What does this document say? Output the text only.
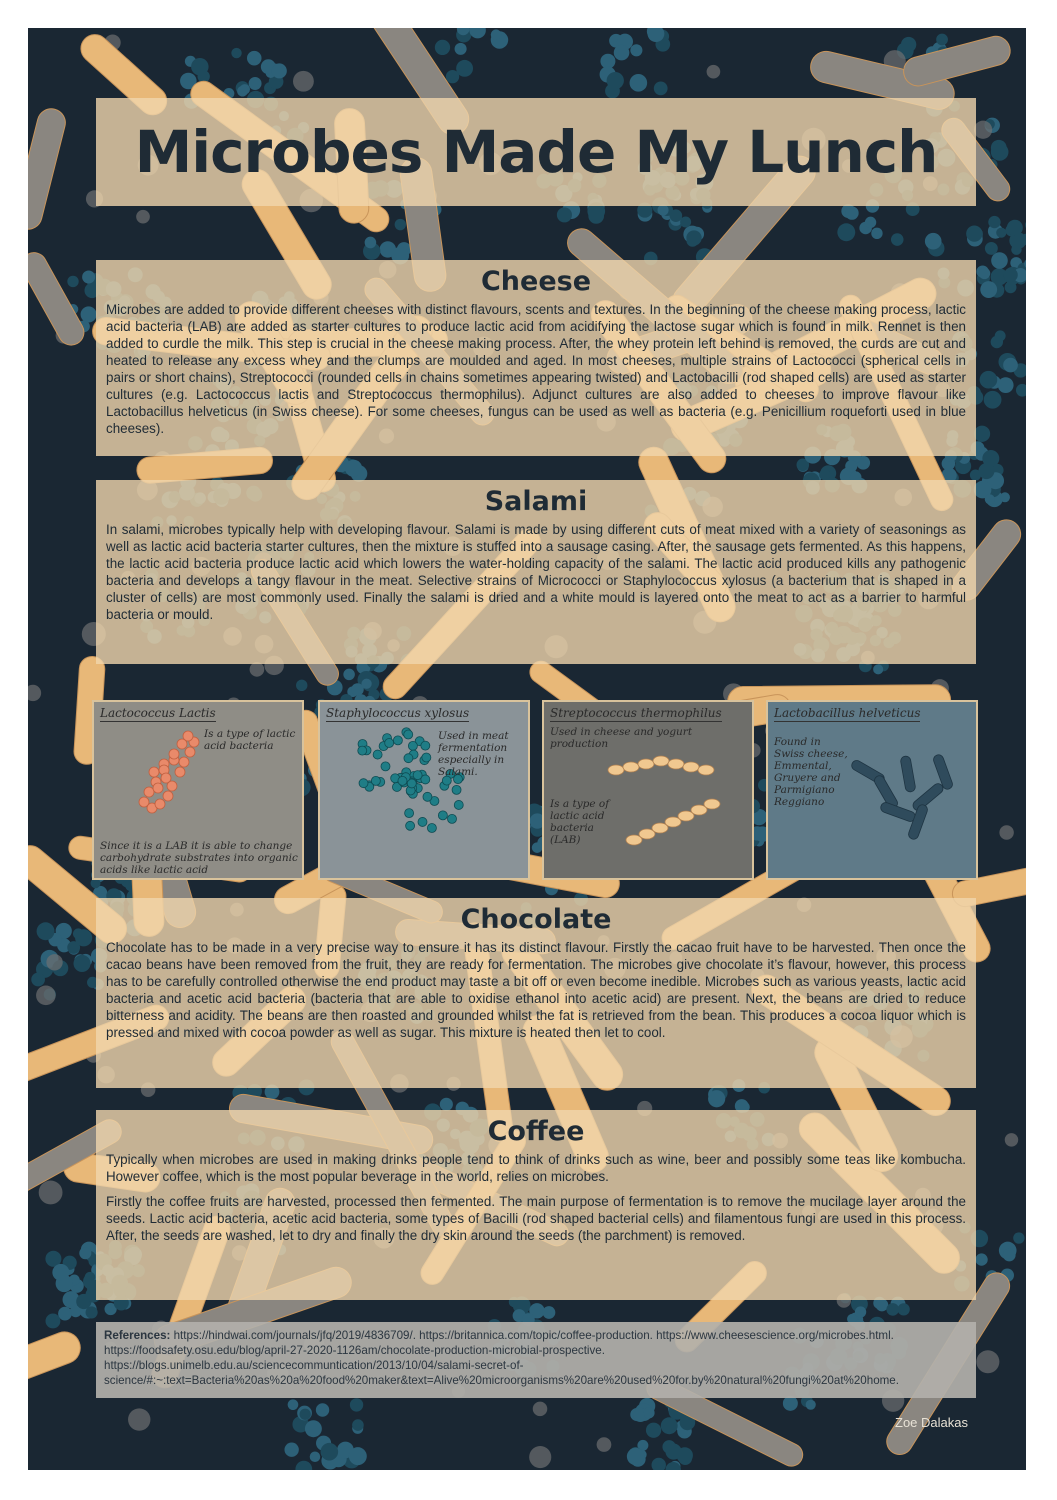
Microbes Made My Lunch
Cheese

Microbes are added to provide different cheeses with distinct flavours, scents and textures. In the beginning of the cheese making process, lactic acid bacteria (LAB) are added as starter cultures to produce lactic acid from acidifying the lactose sugar which is found in milk. Rennet is then added to curdle the milk. This step is crucial in the cheese making process. After, the whey protein left behind is removed, the curds are cut and heated to release any excess whey and the clumps are moulded and aged. In most cheeses, multiple strains of Lactococci (spherical cells in pairs or short chains), Streptococci (rounded cells in chains sometimes appearing twisted) and Lactobacilli (rod shaped cells) are used as starter cultures (e.g. Lactococcus lactis and Streptococcus thermophilus). Adjunct cultures are also added to cheeses to improve flavour like Lactobacillus helveticus (in Swiss cheese). For some cheeses, fungus can be used as well as bacteria (e.g. Penicillium roqueforti used in blue cheeses).

Salami

In salami, microbes typically help with developing flavour. Salami is made by using different cuts of meat mixed with a variety of seasonings as well as lactic acid bacteria starter cultures, then the mixture is stuffed into a sausage casing. After, the sausage gets fermented. As this happens, the lactic acid bacteria produce lactic acid which lowers the water-holding capacity of the salami. The lactic acid produced kills any pathogenic bacteria and develops a tangy flavour in the meat. Selective strains of Micrococci or Staphylococcus xylosus (a bacterium that is shaped in a cluster of cells) are most commonly used. Finally the salami is dried and a white mould is layered onto the meat to act as a barrier to harmful bacteria or mould.

Lactococcus Lactis
Is a type of lactic acid bacteria
Since it is a LAB it is able to change carbohydrate substrates into organic acids like lactic acid
Staphylococcus xylosus
Used in meat fermentation especially in Salami.
Streptococcus thermophilus
Used in cheese and yogurt production
Is a type of lactic acid bacteria (LAB)
Lactobacillus helveticus
Found in Swiss cheese, Emmental, Gruyere and Parmigiano Reggiano
Chocolate

Chocolate has to be made in a very precise way to ensure it has its distinct flavour. Firstly the cacao fruit have to be harvested. Then once the cacao beans have been removed from the fruit, they are ready for fermentation. The microbes give chocolate it’s flavour, however, this process has to be carefully controlled otherwise the end product may taste a bit off or even become inedible. Microbes such as various yeasts, lactic acid bacteria and acetic acid bacteria (bacteria that are able to oxidise ethanol into acetic acid) are present. Next, the beans are dried to reduce bitterness and acidity. The beans are then roasted and grounded whilst the fat is retrieved from the bean. This produces a cocoa liquor which is pressed and mixed with cocoa powder as well as sugar. This mixture is heated then let to cool.

Coffee

Typically when microbes are used in making drinks people tend to think of drinks such as wine, beer and possibly some teas like kombucha. However coffee, which is the most popular beverage in the world, relies on microbes.

Firstly the coffee fruits are harvested, processed then fermented. The main purpose of fermentation is to remove the mucilage layer around the seeds. Lactic acid bacteria, acetic acid bacteria, some types of Bacilli (rod shaped bacterial cells) and filamentous fungi are used in this process. After, the seeds are washed, let to dry and finally the dry skin around the seeds (the parchment) is removed.

References: https://hindwai.com/journals/jfq/2019/4836709/. https://britannica.com/topic/coffee-production. https://www.cheesescience.org/microbes.html. https://foodsafety.osu.edu/blog/april-27-2020-1126am/chocolate-production-microbial-prospective. https://blogs.unimelb.edu.au/sciencecommuntication/2013/10/04/salami-secret-of-science/#:~:text=Bacteria%20as%20a%20food%20maker&text=Alive%20microorganisms%20are%20used%20for.by%20natural%20fungi%20at%20home.
Zoe Dalakas
